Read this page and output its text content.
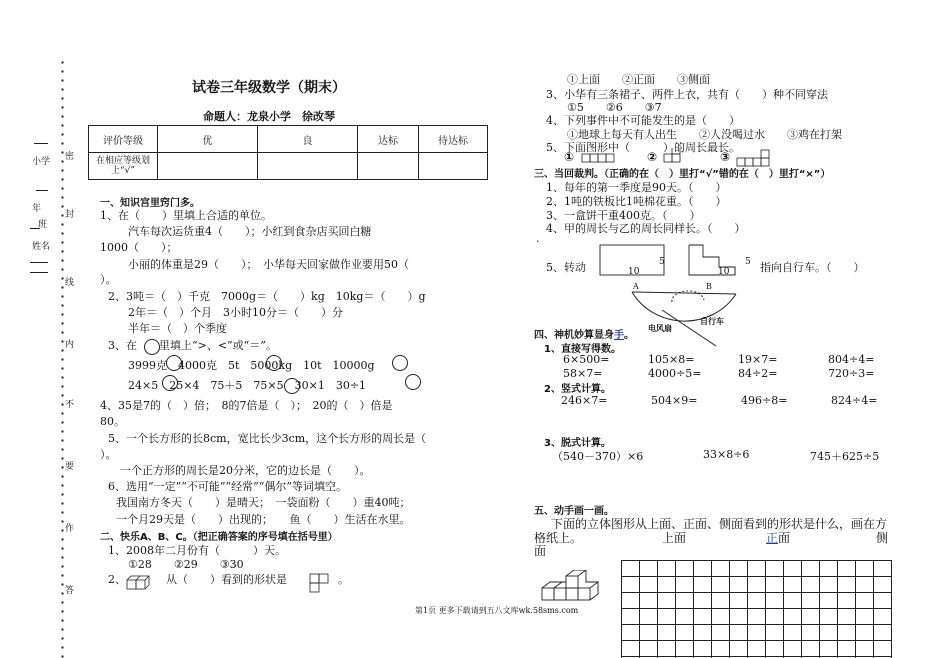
小学 密
年
封
班
姓名
线
内
不
要
作
答
试卷三年级数学（期末）
命题人：龙泉小学　徐改琴
评价等级	优	良	达标	待达标
在相应等级划上“√”				
一、知识宫里窍门多。
1、在（　　）里填上合适的单位。
汽车每次运货重4（　　）；小红到食杂店买回白糖
1000（　　）；
小丽的体重是29（　　）；　小华每天回家做作业要用50（
）。
2、3吨＝（　）千克　7000g＝（　　）kg　10kg＝（　　）g
2年＝（　）个月　3小时10分＝（　　）分
半年＝（　）个季度
3、在　　里填上“>、<”或“＝”。
3999克　4000克　5t　5000kg　10t　10000g
24×5　25×4　75＋5　75×5　30×1　30÷1
4、35是7的（　）倍；　8的7倍是（　）；　20的（　）倍是
80。
5、一个长方形的长8cm，宽比长少3cm，这个长方形的周长是（
）。
一个正方形的周长是20分米，它的边长是（　　）。
6、选用“一定”“不可能”“经常”“偶尔”等词填空。
我国南方冬天（　　）是晴天；　一袋面粉（　　）重40吨；
一个月29天是（　　）出现的；　　鱼（　　）生活在水里。
二、快乐A、B、C。（把正确答案的序号填在括号里）
1、2008年二月份有（　　　）天。
①28　　②29　　③30
2、	从（　　）看到的形状是	。
①上面　　②正面　　③侧面
3、小华有三条裙子、两件上衣，共有（　　）种不同穿法
①5　　②6　　③7
4、下列事件中不可能发生的是（　　）
①地球上每天有人出生　　②人没喝过水　　③鸡在打架
5、下面图形中（　　　）的周长最长。
①	②	③
三、当回裁判。（正确的在（　）里打“√”错的在（　）里打“×”）
1、每年的第一季度是90天。（　　）
2、1吨的铁板比1吨棉花重。（　　）
3、一盒饼干重400克。（　　）
4、甲的周长与乙的周长同样长。（　　）
.
5、转动	5
10
5
10	指向自行车。（　　）
A	B
电风扇
自行车
四、神机妙算显身手。
1、直接写得数。
6×500=	105×8=	19×7=	804÷4=
58×7=	4000÷5=	84÷2=	720÷3=
2、竖式计算。
246×7=	504×9=	496÷8=	824÷4=
3、脱式计算。
（540－370）×6	33×8÷6	745＋625÷5
五、动手画一画。
下面的立体图形从上面、正面、侧面看到的形状是什么，画在方
格纸上。	上面	正面	侧
面
第1页 更多下载请到五八文库wk.58sms.com
